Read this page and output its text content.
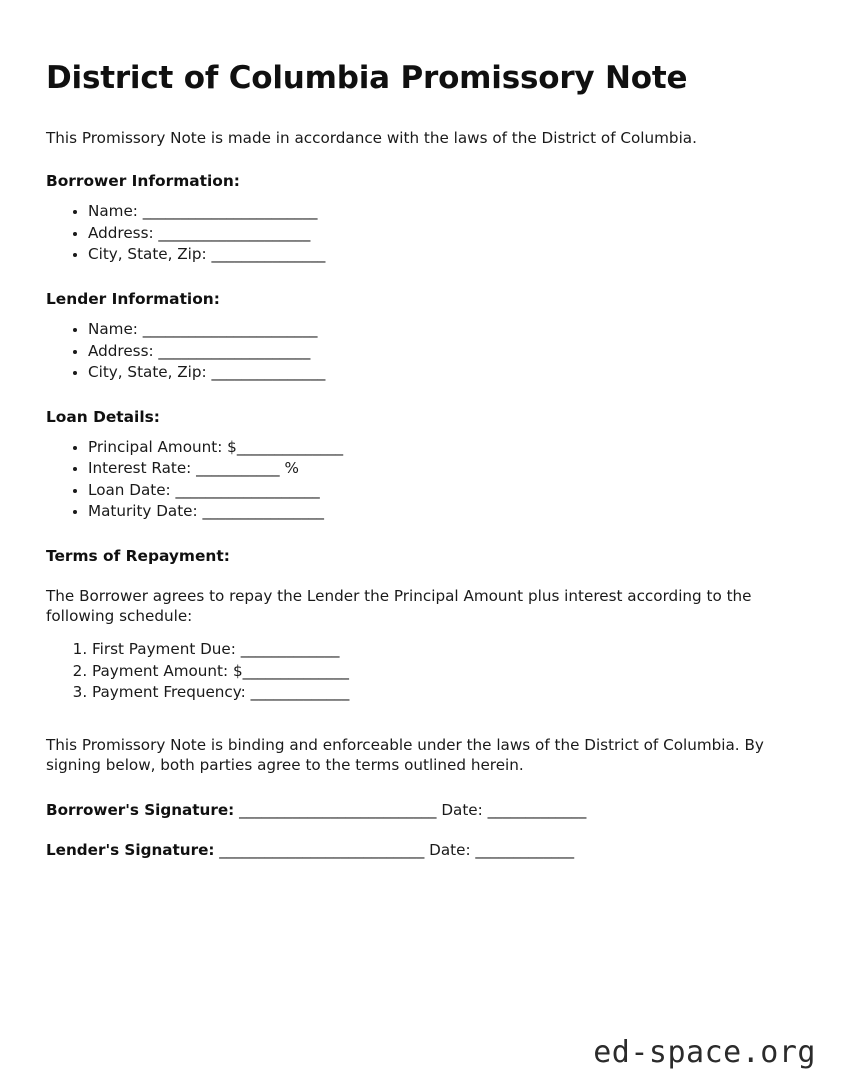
District of Columbia Promissory Note

This Promissory Note is made in accordance with the laws of the District of Columbia.

Borrower Information:
• Name: _______________________
• Address: ____________________
• City, State, Zip: _______________
Lender Information:
• Name: _______________________
• Address: ____________________
• City, State, Zip: _______________
Loan Details:
• Principal Amount: $______________
• Interest Rate: ___________ %
• Loan Date: ___________________
• Maturity Date: ________________
Terms of Repayment:

The Borrower agrees to repay the Lender the Principal Amount plus interest according to the following schedule:

1. First Payment Due: _____________
2. Payment Amount: $______________
3. Payment Frequency: _____________

This Promissory Note is binding and enforceable under the laws of the District of Columbia. By signing below, both parties agree to the terms outlined herein.

Borrower's Signature: __________________________ Date: _____________
Lender's Signature: ___________________________ Date: _____________
ed-space.org
